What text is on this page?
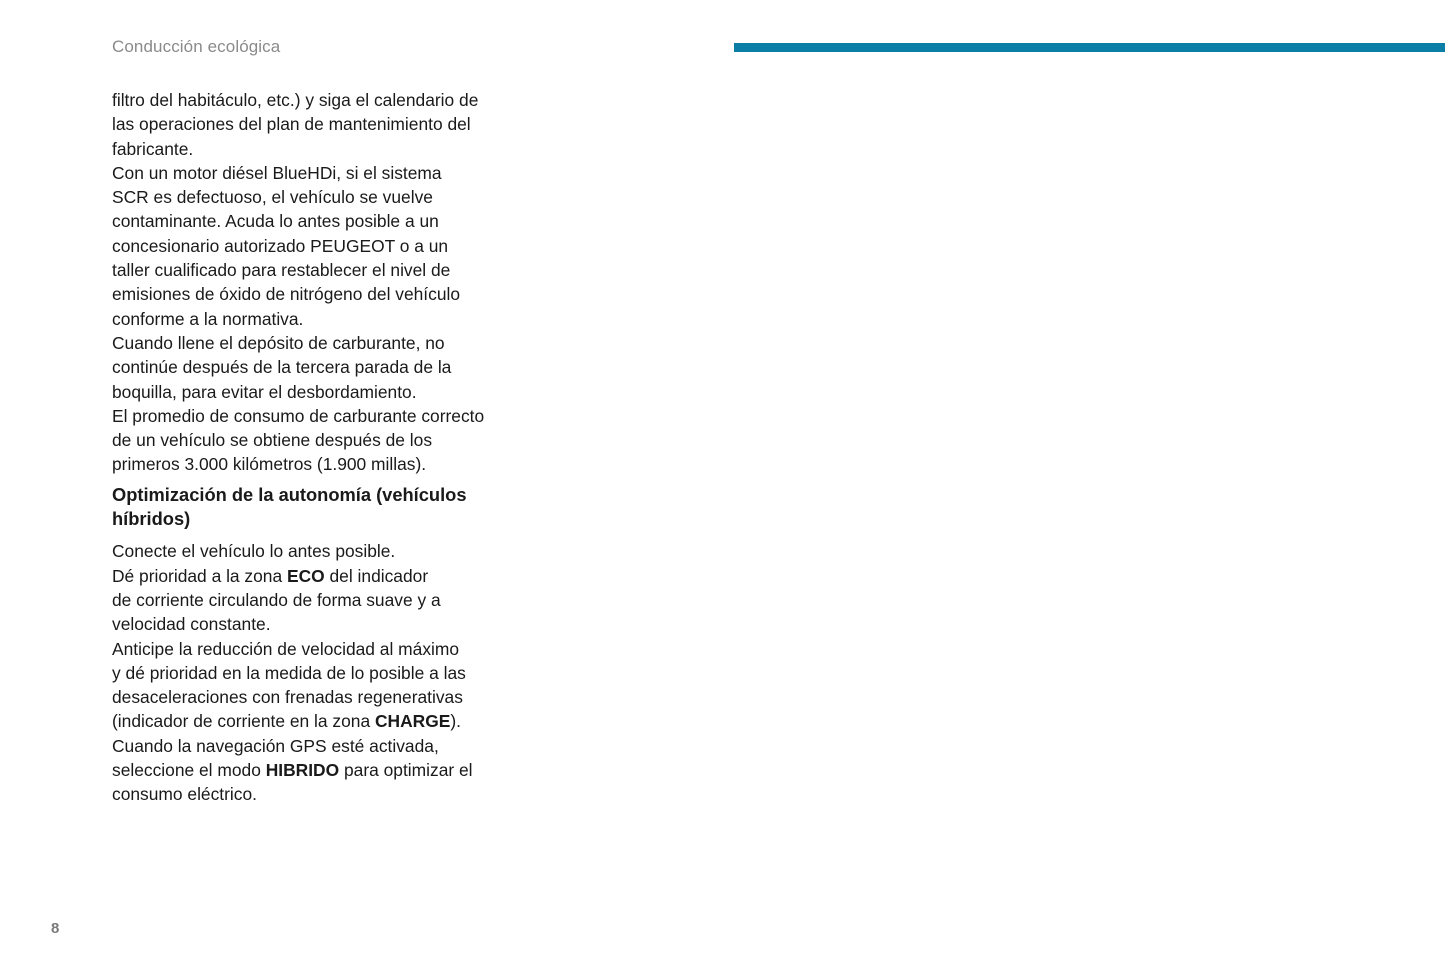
Conducción ecológica

filtro del habitáculo, etc.) y siga el calendario de

las operaciones del plan de mantenimiento del

fabricante.

Con un motor diésel BlueHDi, si el sistema

SCR es defectuoso, el vehículo se vuelve

contaminante. Acuda lo antes posible a un

concesionario autorizado PEUGEOT o a un

taller cualificado para restablecer el nivel de

emisiones de óxido de nitrógeno del vehículo

conforme a la normativa.

Cuando llene el depósito de carburante, no

continúe después de la tercera parada de la

boquilla, para evitar el desbordamiento.

El promedio de consumo de carburante correcto

de un vehículo se obtiene después de los

primeros 3.000 kilómetros (1.900 millas).

Optimización de la autonomía (vehículos
híbridos)

Conecte el vehículo lo antes posible.

Dé prioridad a la zona ECO del indicador

de corriente circulando de forma suave y a

velocidad constante.

Anticipe la reducción de velocidad al máximo

y dé prioridad en la medida de lo posible a las

desaceleraciones con frenadas regenerativas

(indicador de corriente en la zona CHARGE).

Cuando la navegación GPS esté activada,

seleccione el modo HIBRIDO para optimizar el

consumo eléctrico.

8
